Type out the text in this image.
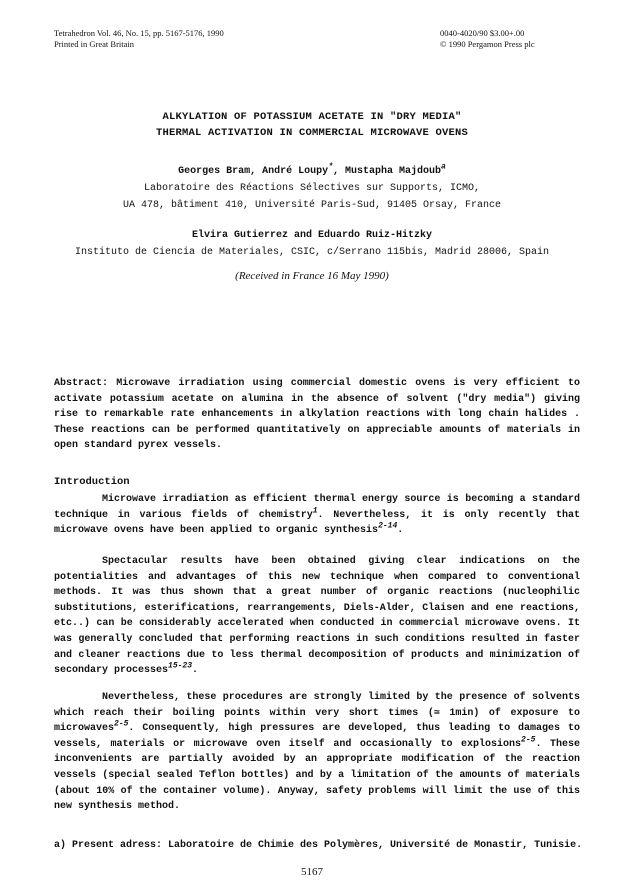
Tetrahedron Vol. 46, No. 15, pp. 5167-5176, 1990
Printed in Great Britain
0040-4020/90 $3.00+.00
© 1990 Pergamon Press plc
ALKYLATION OF POTASSIUM ACETATE IN "DRY MEDIA"
THERMAL ACTIVATION IN COMMERCIAL MICROWAVE OVENS
Georges Bram, André Loupy*, Mustapha Majdoub$^a$
Laboratoire des Réactions Sélectives sur Supports, ICMO,
UA 478, bâtiment 410, Université Paris-Sud, 91405 Orsay, France
Elvira Gutierrez and Eduardo Ruiz-Hitzky
Instituto de Ciencia de Materiales, CSIC, c/Serrano 115bis, Madrid 28006, Spain
(Received in France 16 May 1990)
Abstract: Microwave irradiation using commercial domestic ovens is very efficient to activate potassium acetate on alumina in the absence of solvent ("dry media") giving rise to remarkable rate enhancements in alkylation reactions with long chain halides . These reactions can be performed quantitatively on appreciable amounts of materials in open standard pyrex vessels.
Introduction
Microwave irradiation as efficient thermal energy source is becoming a standard technique in various fields of chemistry$^1$. Nevertheless, it is only recently that microwave ovens have been applied to organic synthesis$^{2-14}$.
Spectacular results have been obtained giving clear indications on the potentialities and advantages of this new technique when compared to conventional methods. It was thus shown that a great number of organic reactions (nucleophilic substitutions, esterifications, rearrangements, Diels-Alder, Claisen and ene reactions, etc..) can be considerably accelerated when conducted in commercial microwave ovens. It was generally concluded that performing reactions in such conditions resulted in faster and cleaner reactions due to less thermal decomposition of products and minimization of secondary processes$^{15-23}$.
Nevertheless, these procedures are strongly limited by the presence of solvents which reach their boiling points within very short times (≃ 1min) of exposure to microwaves$^{2-5}$. Consequently, high pressures are developed, thus leading to damages to vessels, materials or microwave oven itself and occasionally to explosions$^{2-5}$. These inconvenients are partially avoided by an appropriate modification of the reaction vessels (special sealed Teflon bottles) and by a limitation of the amounts of materials (about 10% of the container volume). Anyway, safety problems will limit the use of this new synthesis method.
a) Present adress: Laboratoire de Chimie des Polymères, Université de Monastir, Tunisie.
5167
